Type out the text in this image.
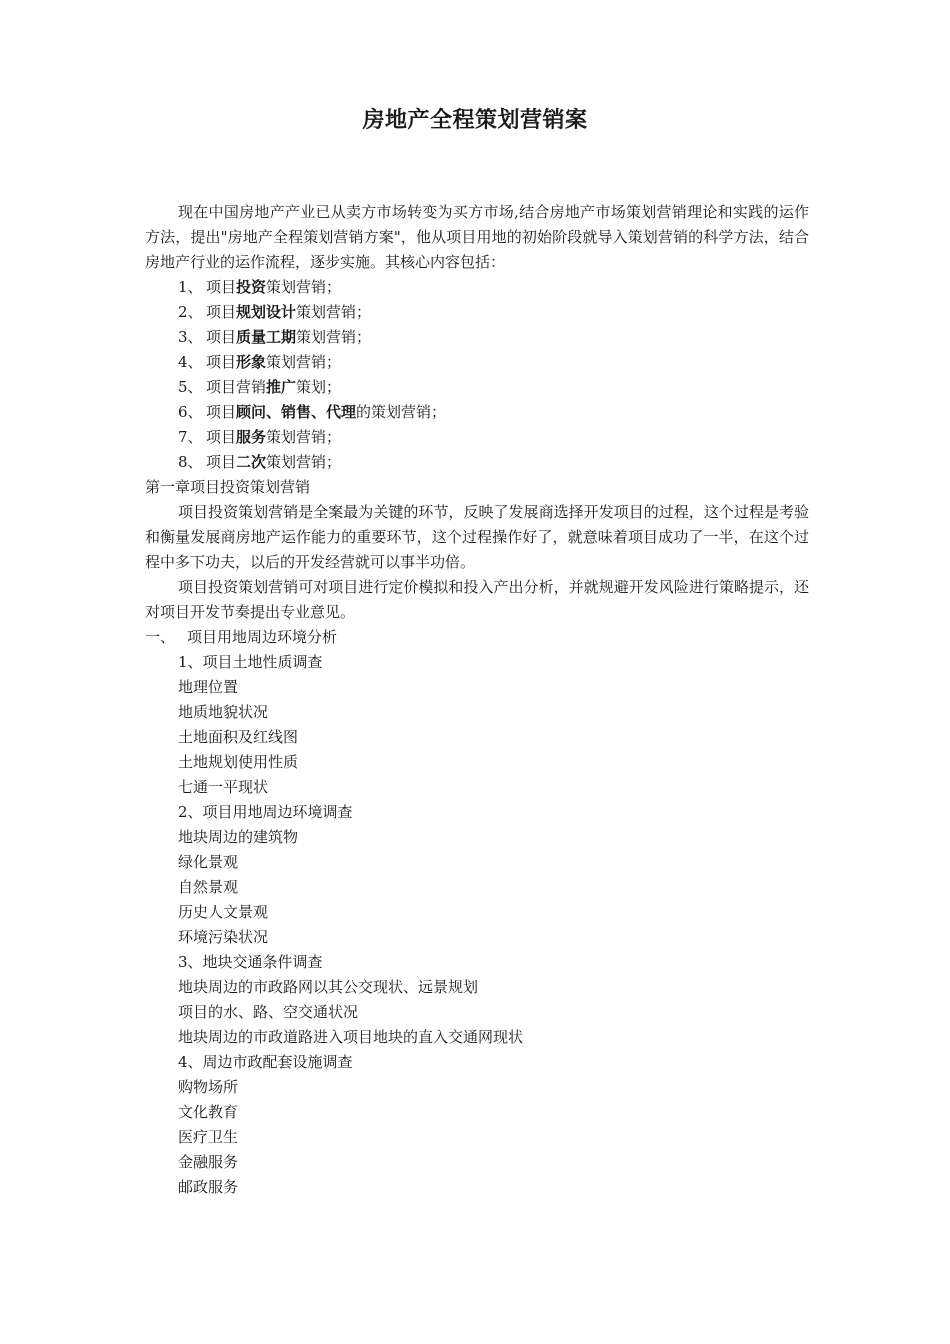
房地产全程策划营销案

现在中国房地产产业已从卖方市场转变为买方市场,结合房地产市场策划营销理论和实践的运作方法，提出"房地产全程策划营销方案"，他从项目用地的初始阶段就导入策划营销的科学方法，结合房地产行业的运作流程，逐步实施。其核心内容包括：

1、 项目投资策划营销；

2、 项目规划设计策划营销；

3、 项目质量工期策划营销；

4、 项目形象策划营销；

5、 项目营销推广策划；

6、 项目顾问、销售、代理的策划营销；

7、 项目服务策划营销；

8、 项目二次策划营销；

第一章项目投资策划营销

项目投资策划营销是全案最为关键的环节，反映了发展商选择开发项目的过程，这个过程是考验和衡量发展商房地产运作能力的重要环节，这个过程操作好了，就意味着项目成功了一半，在这个过程中多下功夫，以后的开发经营就可以事半功倍。

项目投资策划营销可对项目进行定价模拟和投入产出分析，并就规避开发风险进行策略提示，还对项目开发节奏提出专业意见。

一、 项目用地周边环境分析

1、项目土地性质调查

地理位置

地质地貌状况

土地面积及红线图

土地规划使用性质

七通一平现状

2、项目用地周边环境调查

地块周边的建筑物

绿化景观

自然景观

历史人文景观

环境污染状况

3、地块交通条件调查

地块周边的市政路网以其公交现状、远景规划

项目的水、路、空交通状况

地块周边的市政道路进入项目地块的直入交通网现状

4、周边市政配套设施调查

购物场所

文化教育

医疗卫生

金融服务

邮政服务
